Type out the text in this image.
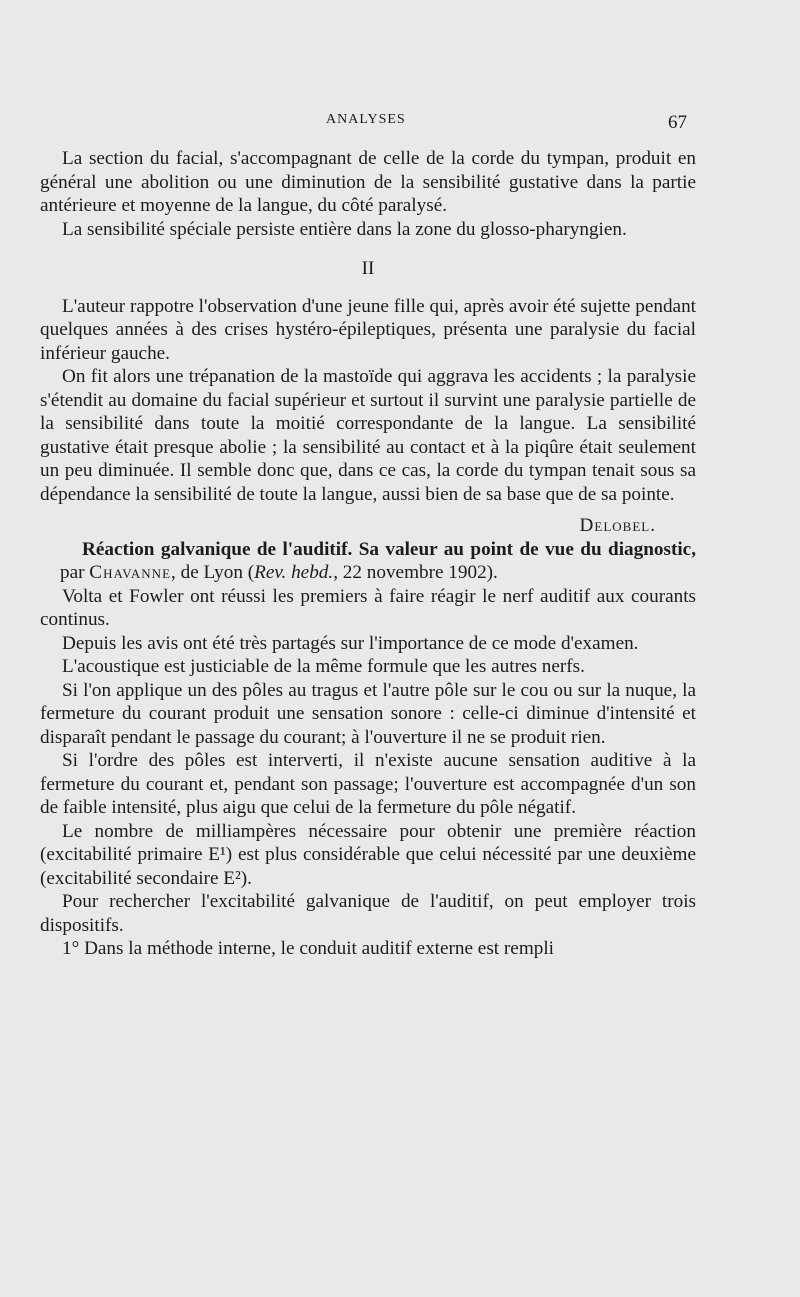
ANALYSES	67

La section du facial, s'accompagnant de celle de la corde du tympan, produit en général une abolition ou une diminution de la sensibilité gustative dans la partie antérieure et moyenne de la langue, du côté paralysé.

La sensibilité spéciale persiste entière dans la zone du glosso-pharyngien.

II

L'auteur rappotre l'observation d'une jeune fille qui, après avoir été sujette pendant quelques années à des crises hystéro-épileptiques, présenta une paralysie du facial inférieur gauche.

On fit alors une trépanation de la mastoïde qui aggrava les accidents ; la paralysie s'étendit au domaine du facial supérieur et surtout il survint une paralysie partielle de la sensibilité dans toute la moitié correspondante de la langue. La sensibilité gustative était presque abolie ; la sensibilité au contact et à la piqûre était seulement un peu diminuée. Il semble donc que, dans ce cas, la corde du tympan tenait sous sa dépendance la sensibilité de toute la langue, aussi bien de sa base que de sa pointe.

Delobel.

Réaction galvanique de l'auditif. Sa valeur au point de vue du diagnostic, par Chavanne, de Lyon (Rev. hebd., 22 novembre 1902).

Volta et Fowler ont réussi les premiers à faire réagir le nerf auditif aux courants continus.

Depuis les avis ont été très partagés sur l'importance de ce mode d'examen.

L'acoustique est justiciable de la même formule que les autres nerfs.

Si l'on applique un des pôles au tragus et l'autre pôle sur le cou ou sur la nuque, la fermeture du courant produit une sensation sonore : celle-ci diminue d'intensité et disparaît pendant le passage du courant; à l'ouverture il ne se produit rien.

Si l'ordre des pôles est interverti, il n'existe aucune sensation auditive à la fermeture du courant et, pendant son passage; l'ouverture est accompagnée d'un son de faible intensité, plus aigu que celui de la fermeture du pôle négatif.

Le nombre de milliampères nécessaire pour obtenir une première réaction (excitabilité primaire E¹) est plus considérable que celui nécessité par une deuxième (excitabilité secondaire E²).

Pour rechercher l'excitabilité galvanique de l'auditif, on peut employer trois dispositifs.

1° Dans la méthode interne, le conduit auditif externe est rempli
